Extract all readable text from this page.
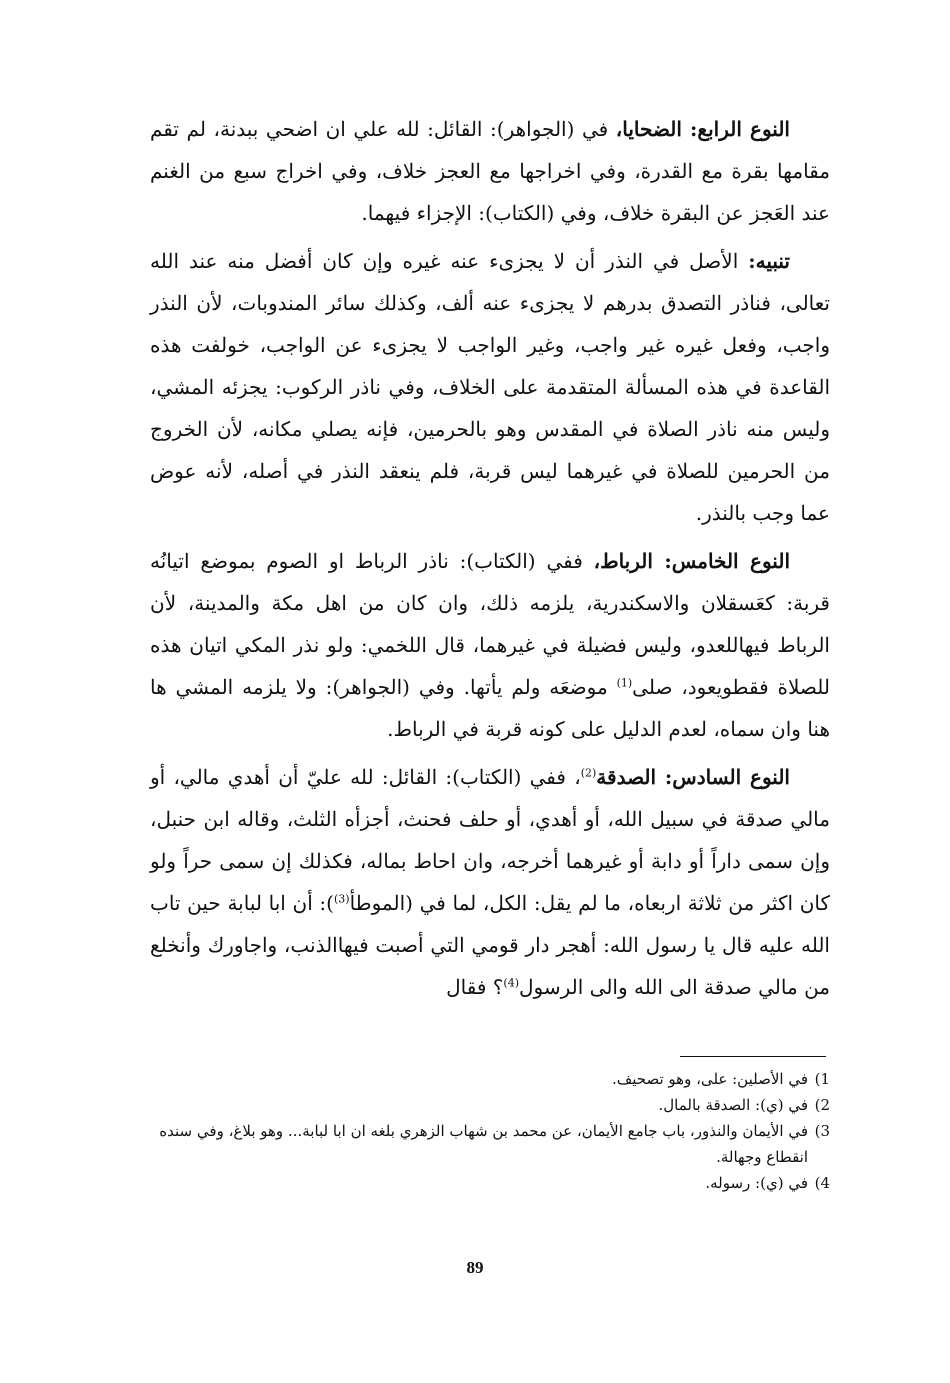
النوع الرابع: الضحايا، في (الجواهر): القائل: لله علي ان اضحي ببدنة، لم تقم مقامها بقرة مع القدرة، وفي اخراجها مع العجز خلاف، وفي اخراج سبع من الغنم عند العَجز عن البقرة خلاف، وفي (الكتاب): الإجزاء فيهما.

تنبيه: الأصل في النذر أن لا يجزىء عنه غيره وإن كان أفضل منه عند الله تعالى، فناذر التصدق بدرهم لا يجزىء عنه ألف، وكذلك سائر المندوبات، لأن النذر واجب، وفعل غيره غير واجب، وغير الواجب لا يجزىء عن الواجب، خولفت هذه القاعدة في هذه المسألة المتقدمة على الخلاف، وفي ناذر الركوب: يجزئه المشي، وليس منه ناذر الصلاة في المقدس وهو بالحرمين، فإنه يصلي مكانه، لأن الخروج من الحرمين للصلاة في غيرهما ليس قربة، فلم ينعقد النذر في أصله، لأنه عوض عما وجب بالنذر.

النوع الخامس: الرباط، ففي (الكتاب): ناذر الرباط او الصوم بموضع اتيانُه قربة: كعَسقلان والاسكندرية، يلزمه ذلك، وان كان من اهل مكة والمدينة، لأن الرباط فيهاللعدو، وليس فضيلة في غيرهما، قال اللخمي: ولو نذر المكي اتيان هذه للصلاة فقطويعود، صلى$^{(1)}$ موضعَه ولم يأتها. وفي (الجواهر): ولا يلزمه المشي ها هنا وان سماه، لعدم الدليل على كونه قربة في الرباط.

النوع السادس: الصدقة$^{(2)}$، ففي (الكتاب): القائل: لله عليّ أن أهدي مالي، أو مالي صدقة في سبيل الله، أو أهدي، أو حلف فحنث، أجزأه الثلث، وقاله ابن حنبل، وإن سمى داراً أو دابة أو غيرهما أخرجه، وان احاط بماله، فكذلك إن سمى حراً ولو كان اكثر من ثلاثة اربعاه، ما لم يقل: الكل، لما في (الموطأ$^{(3)}$): أن ابا لبابة حين تاب الله عليه قال يا رسول الله: أهجر دار قومي التي أصبت فيهاالذنب، واجاورك وأنخلع من مالي صدقة الى الله والى الرسول$^{(4)}$؟ فقال

1)
في الأصلين: على، وهو تصحيف.
2)
في (ي): الصدقة بالمال.
3)
في الأيمان والنذور، باب جامع الأيمان، عن محمد بن شهاب الزهري بلغه ان ابا لبابة... وهو بلاغ، وفي سنده انقطاع وجهالة.
4)
في (ي): رسوله.
89
